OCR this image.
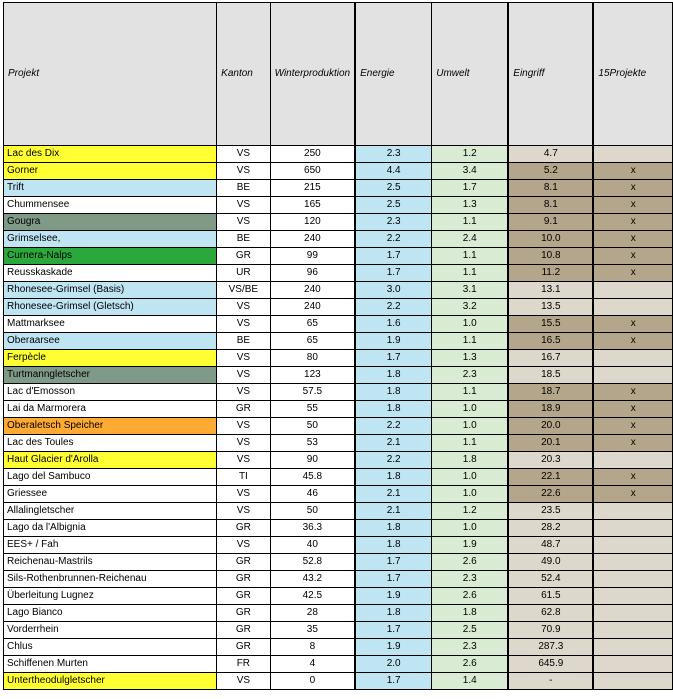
Projekt	Kanton	Winterproduktion	Energie	Umwelt	Eingriff	15Projekte
Lac des Dix	VS	250	2.3	1.2	4.7	
Gorner	VS	650	4.4	3.4	5.2	x
Trift	BE	215	2.5	1.7	8.1	x
Chummensee	VS	165	2.5	1.3	8.1	x
Gougra	VS	120	2.3	1.1	9.1	x
Grimselsee,	BE	240	2.2	2.4	10.0	x
Curnera-Nalps	GR	99	1.7	1.1	10.8	x
Reusskaskade	UR	96	1.7	1.1	11.2	x
Rhonesee-Grimsel (Basis)	VS/BE	240	3.0	3.1	13.1	
Rhonesee-Grimsel (Gletsch)	VS	240	2.2	3.2	13.5	
Mattmarksee	VS	65	1.6	1.0	15.5	x
Oberaarsee	BE	65	1.9	1.1	16.5	x
Ferpècle	VS	80	1.7	1.3	16.7	
Turtmanngletscher	VS	123	1.8	2.3	18.5	
Lac d'Emosson	VS	57.5	1.8	1.1	18.7	x
Lai da Marmorera	GR	55	1.8	1.0	18.9	x
Oberaletsch Speicher	VS	50	2.2	1.0	20.0	x
Lac des Toules	VS	53	2.1	1.1	20.1	x
Haut Glacier d'Arolla	VS	90	2.2	1.8	20.3	
Lago del Sambuco	TI	45.8	1.8	1.0	22.1	x
Griessee	VS	46	2.1	1.0	22.6	x
Allalingletscher	VS	50	2.1	1.2	23.5	
Lago da l'Albignia	GR	36.3	1.8	1.0	28.2	
EES+ / Fah	VS	40	1.8	1.9	48.7	
Reichenau-Mastrils	GR	52.8	1.7	2.6	49.0	
Sils-Rothenbrunnen-Reichenau	GR	43.2	1.7	2.3	52.4	
Überleitung Lugnez	GR	42.5	1.9	2.6	61.5	
Lago Bianco	GR	28	1.8	1.8	62.8	
Vorderrhein	GR	35	1.7	2.5	70.9	
Chlus	GR	8	1.9	2.3	287.3	
Schiffenen Murten	FR	4	2.0	2.6	645.9	
Untertheodulgletscher	VS	0	1.7	1.4	-	
